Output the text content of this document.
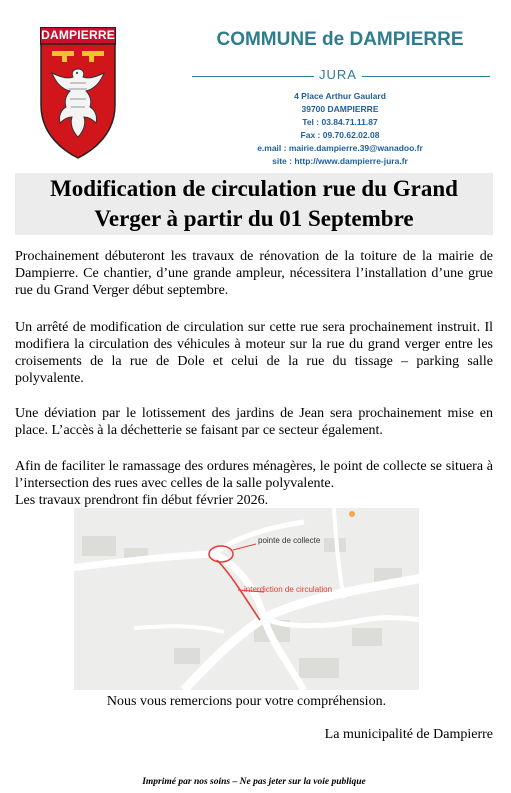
DAMPIERRE	COMMUNE de DAMPIERRE
JURA
4 Place Arthur Gaulard
39700 DAMPIERRE
Tel : 03.84.71.11.87
Fax : 09.70.62.02.08
e.mail : mairie.dampierre.39@wanadoo.fr
site : http://www.dampierre-jura.fr
Modification de circulation rue du Grand
Verger à partir du 01 Septembre

Prochainement débuteront les travaux de rénovation de la toiture de la mairie de Dampierre. Ce chantier, d’une grande ampleur, nécessitera l’installation d’une grue rue du Grand Verger début septembre.

Un arrêté de modification de circulation sur cette rue sera prochainement instruit. Il modifiera la circulation des véhicules à moteur sur la rue du grand verger entre les croisements de la rue de Dole et celui de la rue du tissage – parking salle polyvalente.

Une déviation par le lotissement des jardins de Jean sera prochainement mise en place. L’accès à la déchetterie se faisant par ce secteur également.

Afin de faciliter le ramassage des ordures ménagères, le point de collecte se situera à l’intersection des rues avec celles de la salle polyvalente.

Les travaux prendront fin début février 2026.

pointe de collecte
interdiction de circulation
Nous vous remercions pour votre compréhension.
La municipalité de Dampierre
Imprimé par nos soins – Ne pas jeter sur la voie publique
